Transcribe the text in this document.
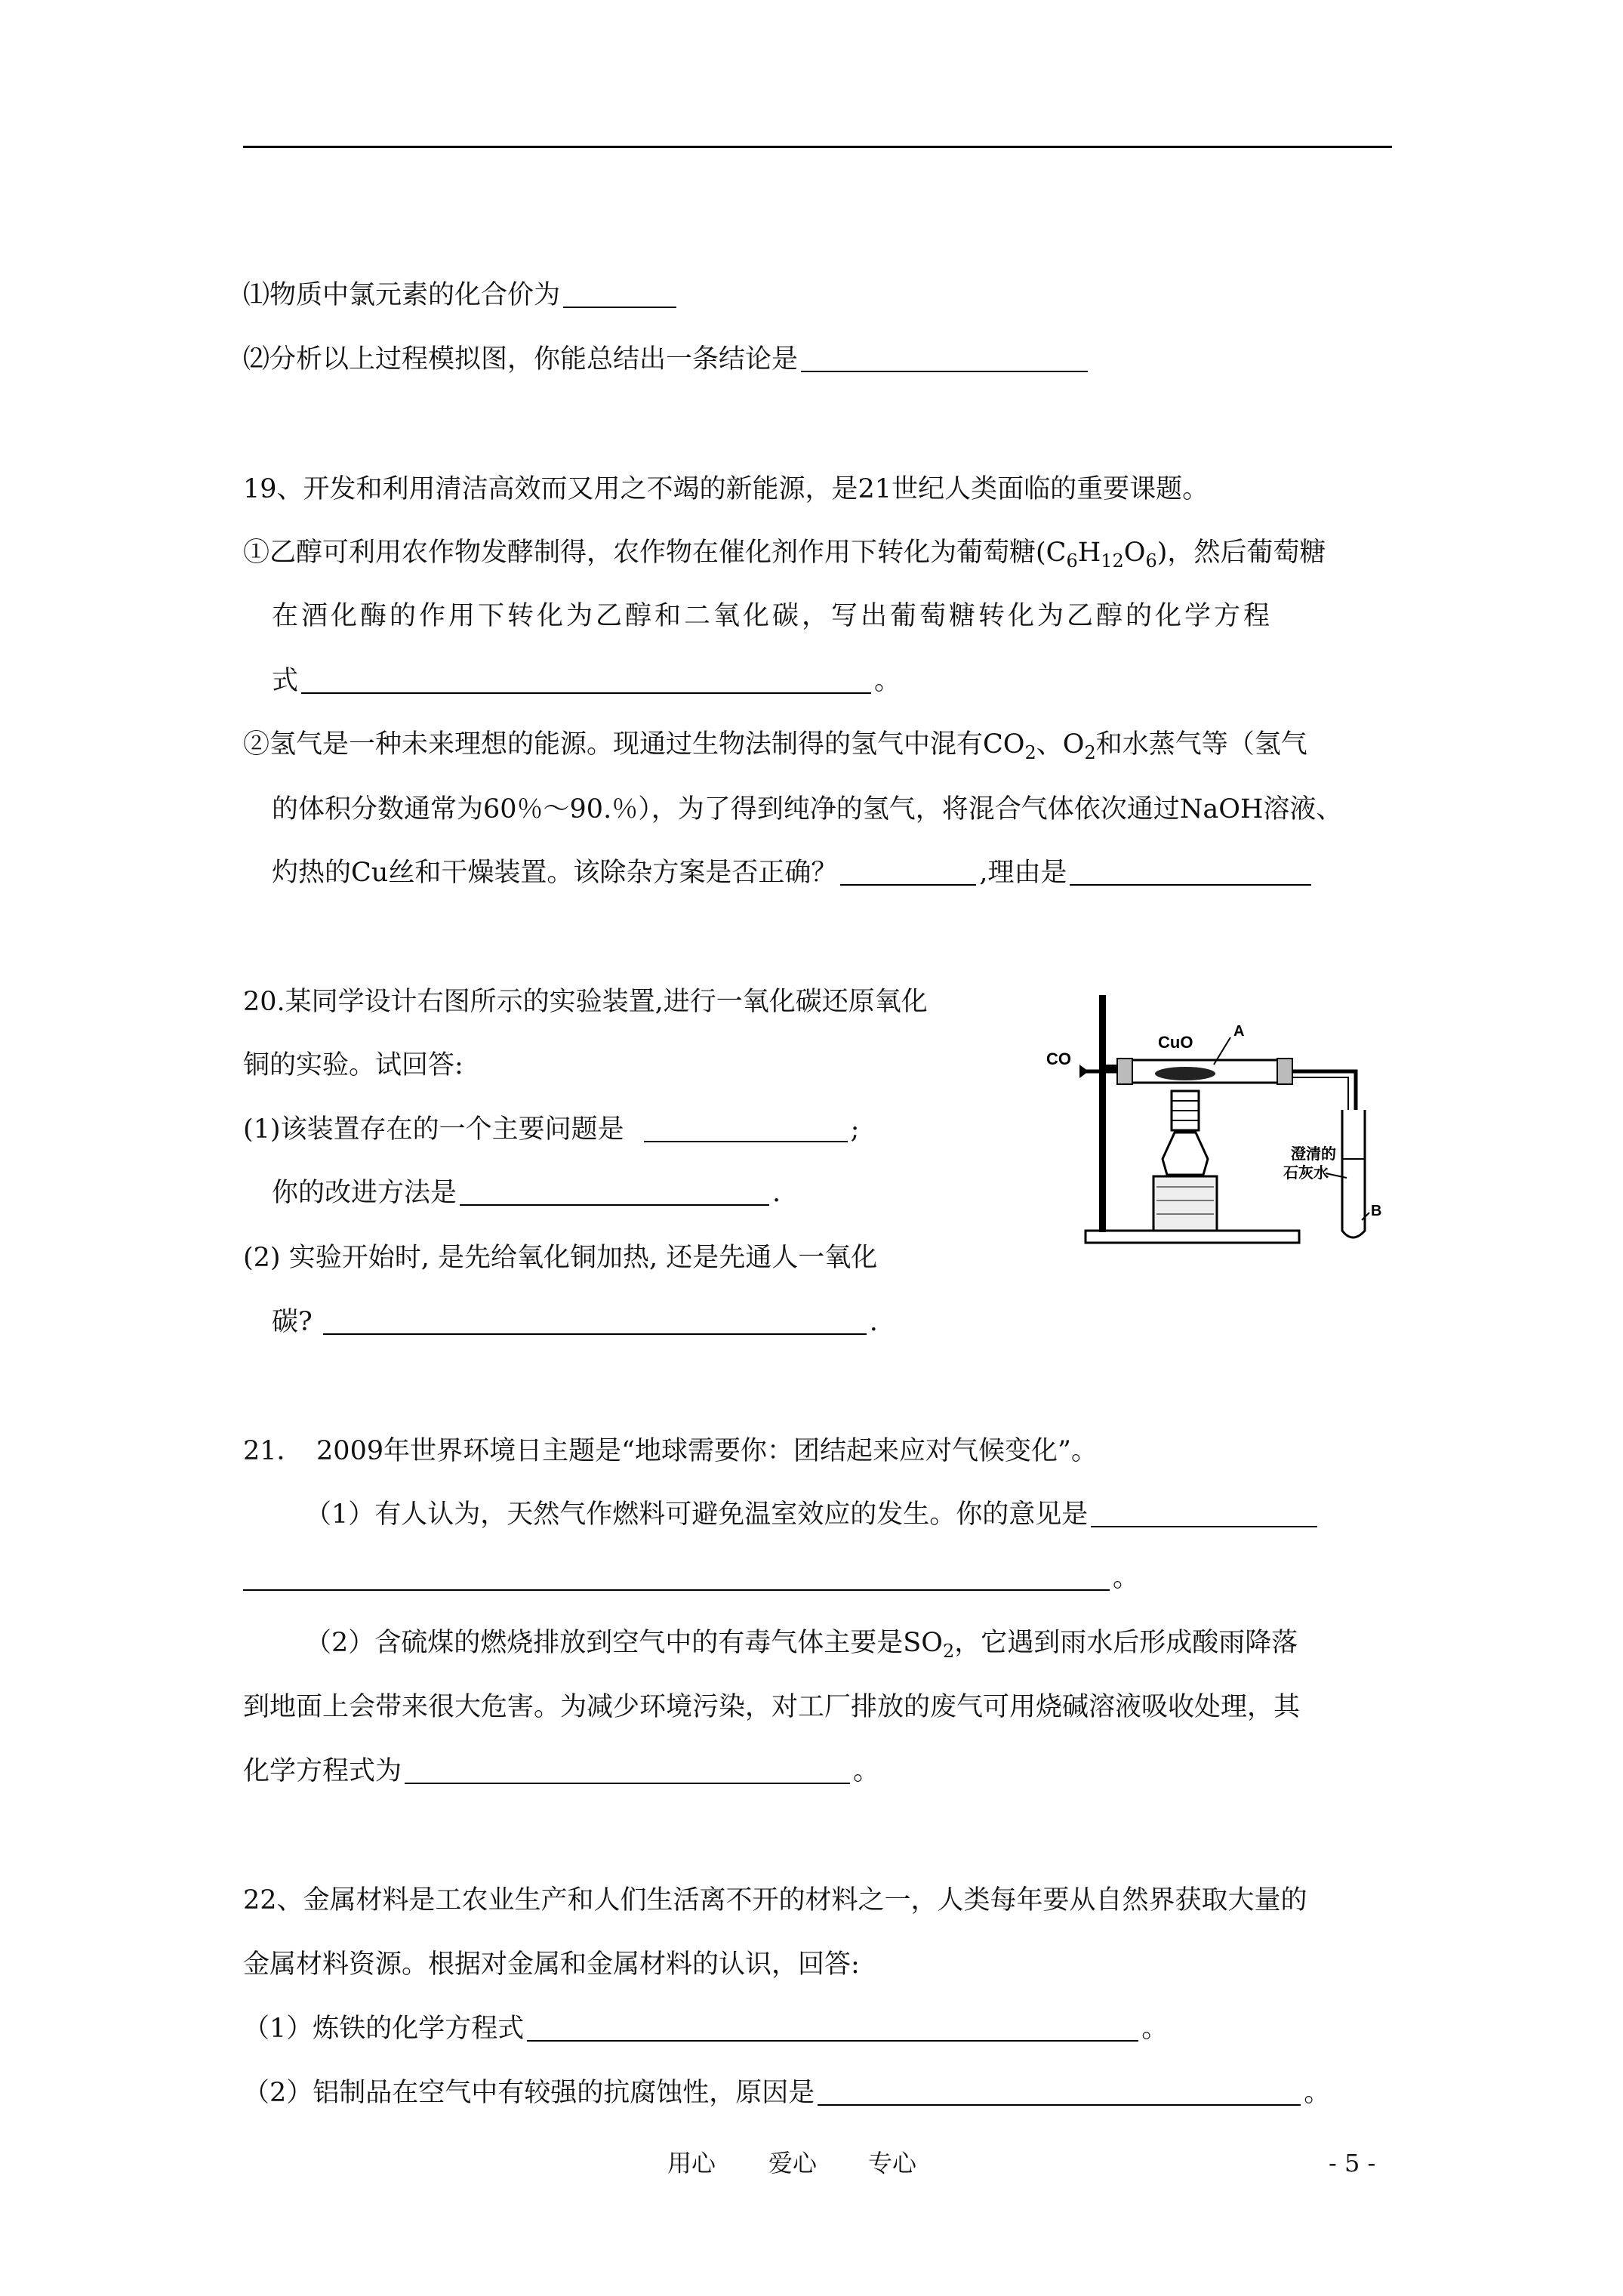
⑴物质中氯元素的化合价为
⑵分析以上过程模拟图，你能总结出一条结论是
19、开发和利用清洁高效而又用之不竭的新能源，是21世纪人类面临的重要课题。
①乙醇可利用农作物发酵制得，农作物在催化剂作用下转化为葡萄糖$(C_6H_{12}O_6)$，然后葡萄糖
在酒化酶的作用下转化为乙醇和二氧化碳，写出葡萄糖转化为乙醇的化学方程
式	。
②氢气是一种未来理想的能源。现通过生物法制得的氢气中混有$CO_2$、$O_2$和水蒸气等（氢气
的体积分数通常为60％～90.％），为了得到纯净的氢气，将混合气体依次通过NaOH溶液、
灼热的Cu丝和干燥装置。该除杂方案是否正确？	,理由是
20.某同学设计右图所示的实验装置,进行一氧化碳还原氧化
铜的实验。试回答:
(1)该装置存在的一个主要问题是	;
你的改进方法是	.
(2) 实验开始时, 是先给氧化铜加热, 还是先通人一氧化
碳?	.
CO
CuO
A
澄清的
石灰水
B
21．　2009年世界环境日主题是“地球需要你：团结起来应对气候变化”。
（1）有人认为，天然气作燃料可避免温室效应的发生。你的意见是
。
（2）含硫煤的燃烧排放到空气中的有毒气体主要是$SO_2$，它遇到雨水后形成酸雨降落
到地面上会带来很大危害。为减少环境污染，对工厂排放的废气可用烧碱溶液吸收处理，其
化学方程式为	。
22、金属材料是工农业生产和人们生活离不开的材料之一，人类每年要从自然界获取大量的
金属材料资源。根据对金属和金属材料的认识，回答:
（1）炼铁的化学方程式	。
（2）铝制品在空气中有较强的抗腐蚀性，原因是	。
用心 爱心 专心	- 5 -
